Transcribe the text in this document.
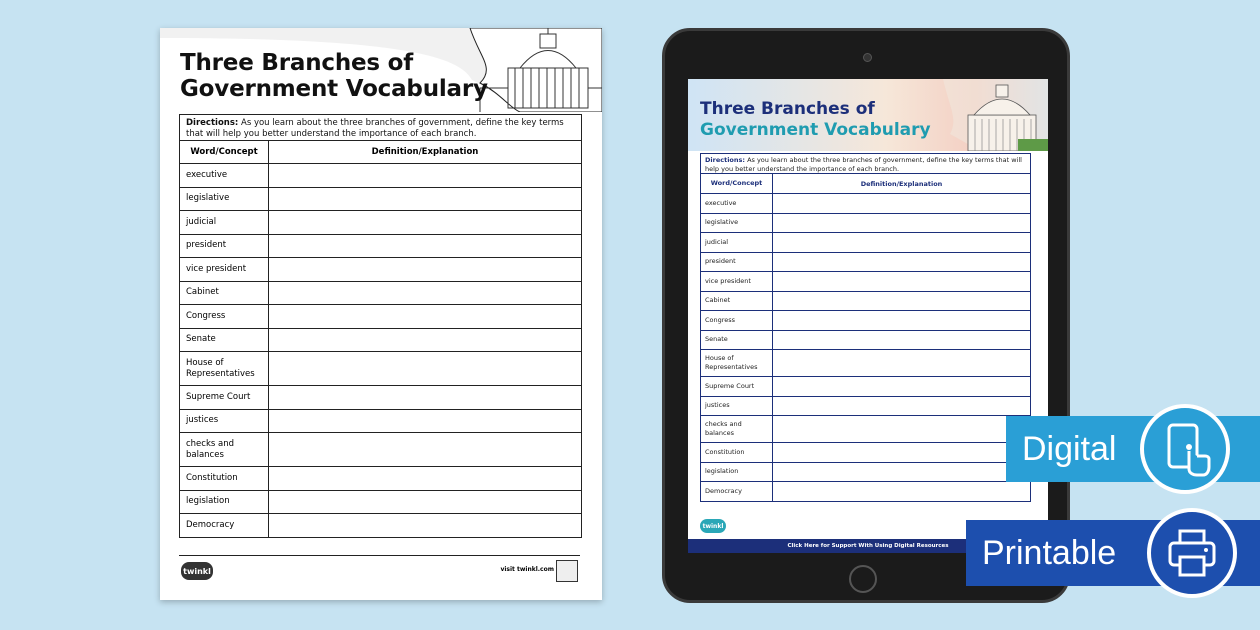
Three Branches of
Government Vocabulary
Directions: As you learn about the three branches of government, define the key terms that will help you better understand the importance of each branch.
Word/Concept	Definition/Explanation
executive
legislative
judicial
president
vice president
Cabinet
Congress
Senate
House of Representatives
Supreme Court
justices
checks and balances
Constitution
legislation
Democracy
twinkl	visit twinkl.com
Three Branches of
Government Vocabulary
Directions: As you learn about the three branches of government, define the key terms that will help you better understand the importance of each branch.
Word/Concept	Definition/Explanation
executive
legislative
judicial
president
vice president
Cabinet
Congress
Senate
House of Representatives
Supreme Court
justices
checks and balances
Constitution
legislation
Democracy
twinkl
Click Here for Support With Using Digital Resources
Digital
Printable
